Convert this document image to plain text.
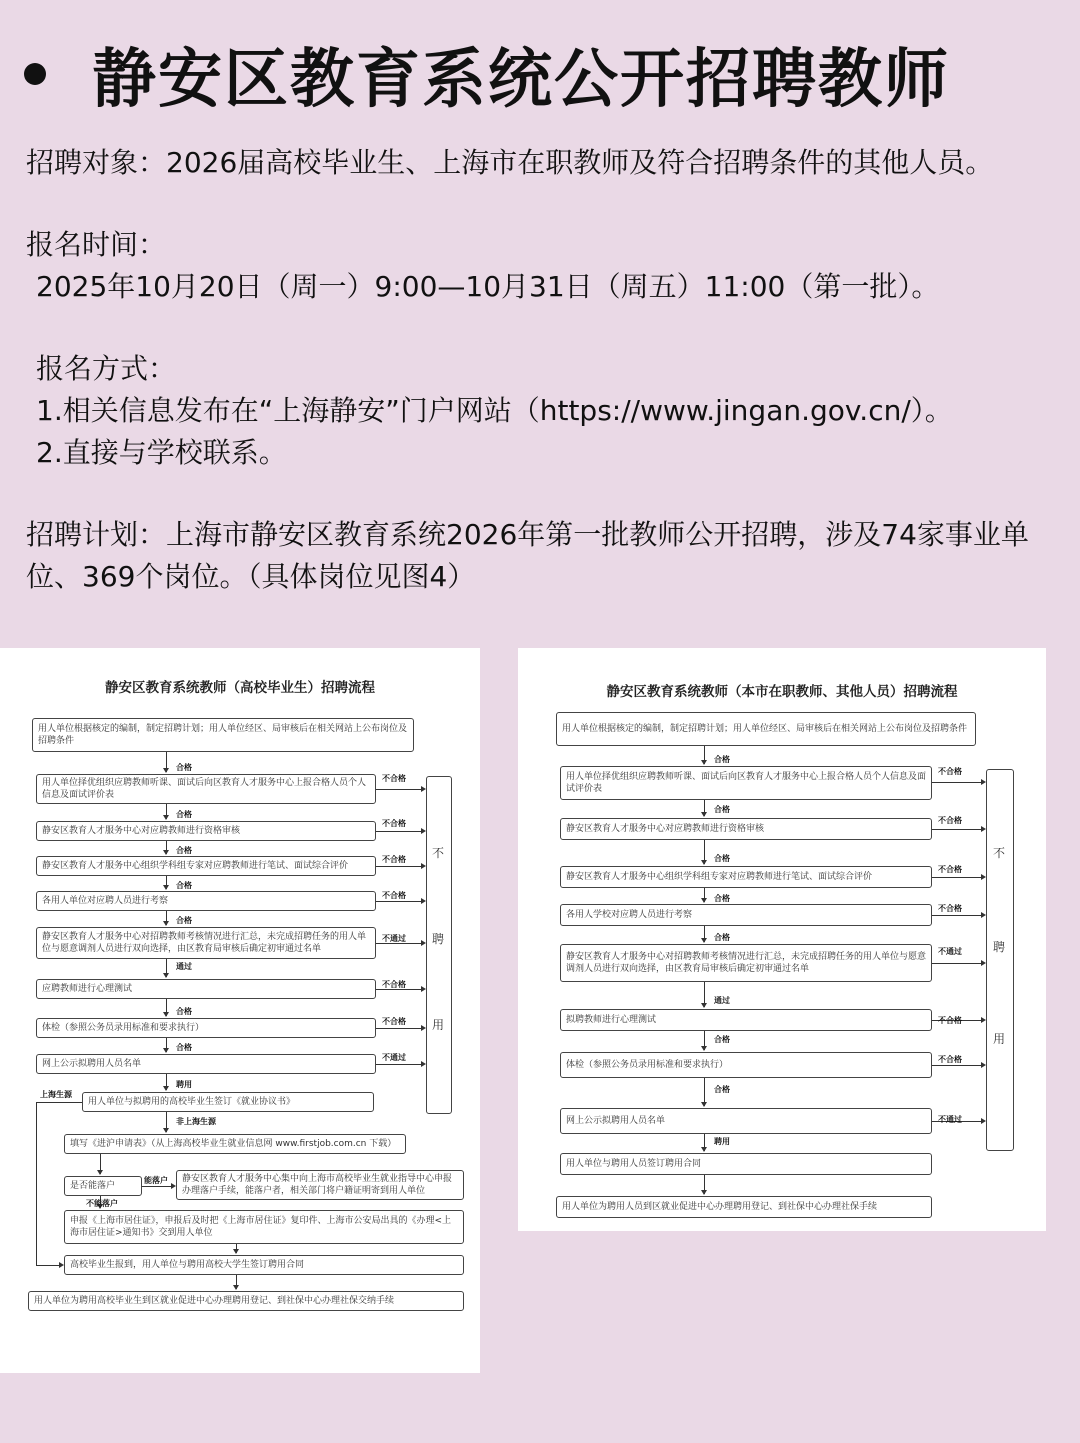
静安区教育系统公开招聘教师

招聘对象：2026届高校毕业生、上海市在职教师及符合招聘条件的其他人员。

报名时间：

2025年10月20日（周一）9:00—10月31日（周五）11:00（第一批）。

报名方式：

1.相关信息发布在“上海静安”门户网站（https://www.jingan.gov.cn/）。

2.直接与学校联系。

招聘计划：上海市静安区教育系统2026年第一批教师公开招聘，涉及74家事业单位、369个岗位。（具体岗位见图4）

静安区教育系统教师（高校毕业生）招聘流程
不
聘
用
用人单位根据核定的编制，制定招聘计划；用人单位经区、局审核后在相关网站上公布岗位及招聘条件
用人单位择优组织应聘教师听课、面试后向区教育人才服务中心上报合格人员个人信息及面试评价表
静安区教育人才服务中心对应聘教师进行资格审核
静安区教育人才服务中心组织学科组专家对应聘教师进行笔试、面试综合评价
各用人单位对应聘人员进行考察
静安区教育人才服务中心对招聘教师考核情况进行汇总，未完成招聘任务的用人单位与愿意调剂人员进行双向选择，由区教育局审核后确定初审通过名单
应聘教师进行心理测试
体检（参照公务员录用标准和要求执行）
网上公示拟聘用人员名单
用人单位与拟聘用的高校毕业生签订《就业协议书》
填写《进沪申请表》（从上海高校毕业生就业信息网 www.firstjob.com.cn 下载）
是否能落户
静安区教育人才服务中心集中向上海市高校毕业生就业指导中心申报办理落户手续，能落户者，相关部门将户籍证明寄到用人单位
申报《上海市居住证》，申报后及时把《上海市居住证》复印件、上海市公安局出具的《办理<上海市居住证>通知书》交到用人单位
高校毕业生报到，用人单位与聘用高校大学生签订聘用合同
用人单位为聘用高校毕业生到区就业促进中心办理聘用登记、到社保中心办理社保交纳手续
合格
合格
合格
合格
合格
通过
合格
合格
聘用
非上海生源
不合格
不合格
不合格
不合格
不通过
不合格
不合格
不通过
上海生源
能落户
不能落户
静安区教育系统教师（本市在职教师、其他人员）招聘流程
不
聘
用
用人单位根据核定的编制，制定招聘计划；用人单位经区、局审核后在相关网站上公布岗位及招聘条件
用人单位择优组织应聘教师听课、面试后向区教育人才服务中心上报合格人员个人信息及面试评价表
静安区教育人才服务中心对应聘教师进行资格审核
静安区教育人才服务中心组织学科组专家对应聘教师进行笔试、面试综合评价
各用人学校对应聘人员进行考察
静安区教育人才服务中心对招聘教师考核情况进行汇总，未完成招聘任务的用人单位与愿意调剂人员进行双向选择，由区教育局审核后确定初审通过名单
拟聘教师进行心理测试
体检（参照公务员录用标准和要求执行）
网上公示拟聘用人员名单
用人单位与聘用人员签订聘用合同
用人单位为聘用人员到区就业促进中心办理聘用登记、到社保中心办理社保手续
合格
合格
合格
合格
合格
通过
合格
合格
聘用
不合格
不合格
不合格
不合格
不通过
不合格
不合格
不通过
